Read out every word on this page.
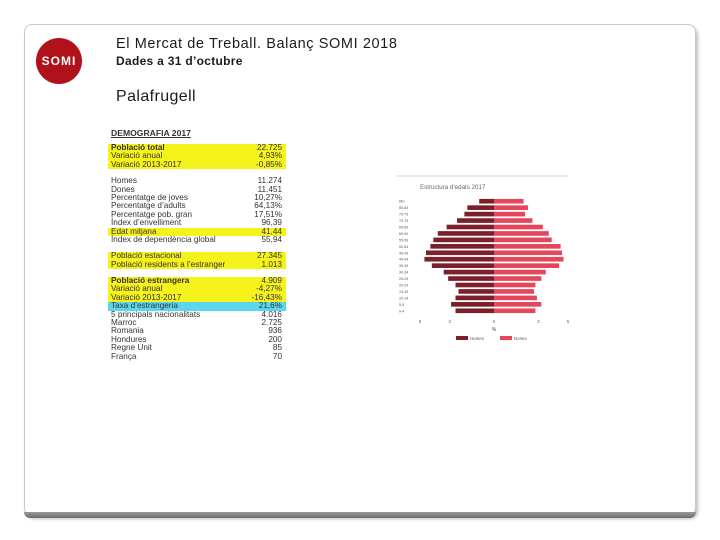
SOMI
El Mercat de Treball. Balanç SOMI 2018
Dades a 31 d’octubre
Palafrugell
DEMOGRAFIA 2017
Població total	22.725
Variació anual	4,93%
Variació 2013-2017	-0,85%
Homes	11.274
Dones	11.451
Percentatge de joves	10,27%
Percentatge d’adults	64,13%
Percentatge pob. gran	17,51%
Índex d’envelliment	96,39
Edat mitjana	41,44
Índex de dependència global	55,94
Població estacional	27.345
Població residents a l’estranger	1.013
Població estrangera	4.909
Variació anual	-4,27%
Variació 2013-2017	-16,43%
Taxa d’estrangeria	21,6%
5 principals nacionalitats	4.016
Marroc	2.725
Romania	936
Hondures	200
Regne Unit	85
França	70
Estructura d’edats 2017
85+
80-84
75-79
70-74
65-69
60-64
55-59
50-54
45-49
40-44
35-39
30-34
25-29
20-24
15-19
10-14
5-9
0-4
5	3	0	3	5
%
Homes	Dones
